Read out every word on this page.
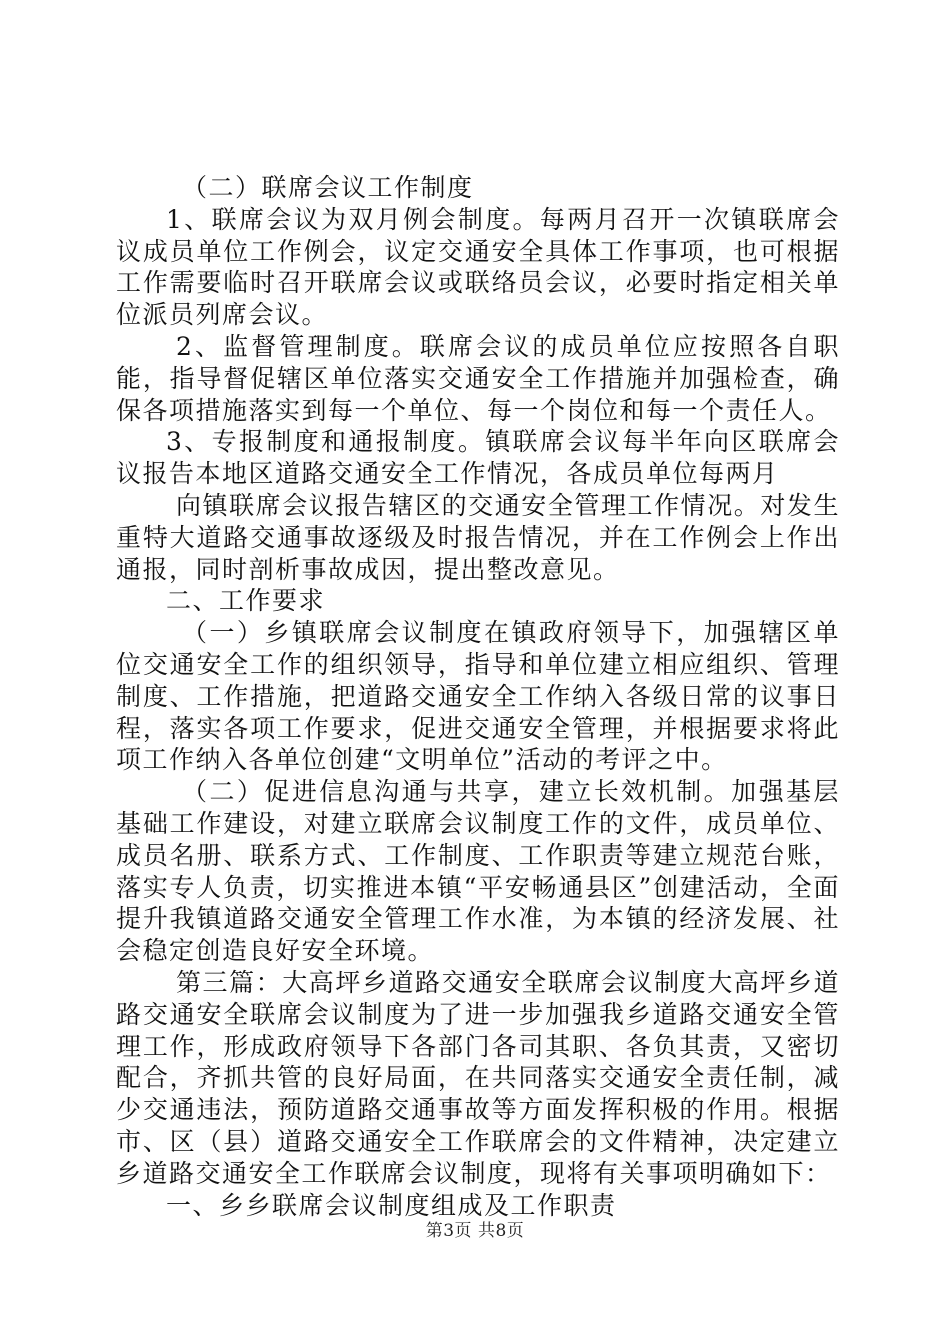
（二）联席会议工作制度

1、联席会议为双月例会制度。每两月召开一次镇联席会议成员单位工作例会，议定交通安全具体工作事项，也可根据工作需要临时召开联席会议或联络员会议，必要时指定相关单位派员列席会议。

2、监督管理制度。联席会议的成员单位应按照各自职能，指导督促辖区单位落实交通安全工作措施并加强检查，确保各项措施落实到每一个单位、每一个岗位和每一个责任人。

3、专报制度和通报制度。镇联席会议每半年向区联席会议报告本地区道路交通安全工作情况，各成员单位每两月

向镇联席会议报告辖区的交通安全管理工作情况。对发生重特大道路交通事故逐级及时报告情况，并在工作例会上作出通报，同时剖析事故成因，提出整改意见。

二、工作要求

（一）乡镇联席会议制度在镇政府领导下，加强辖区单位交通安全工作的组织领导，指导和单位建立相应组织、管理制度、工作措施，把道路交通安全工作纳入各级日常的议事日程，落实各项工作要求，促进交通安全管理，并根据要求将此项工作纳入各单位创建“文明单位”活动的考评之中。

（二）促进信息沟通与共享，建立长效机制。加强基层基础工作建设，对建立联席会议制度工作的文件，成员单位、成员名册、联系方式、工作制度、工作职责等建立规范台账，落实专人负责，切实推进本镇“平安畅通县区”创建活动，全面提升我镇道路交通安全管理工作水准，为本镇的经济发展、社会稳定创造良好安全环境。

第三篇：大高坪乡道路交通安全联席会议制度大高坪乡道路交通安全联席会议制度为了进一步加强我乡道路交通安全管理工作，形成政府领导下各部门各司其职、各负其责，又密切配合，齐抓共管的良好局面，在共同落实交通安全责任制，减少交通违法，预防道路交通事故等方面发挥积极的作用。根据市、区（县）道路交通安全工作联席会的文件精神，决定建立乡道路交通安全工作联席会议制度，现将有关事项明确如下：

一、乡乡联席会议制度组成及工作职责

第3页 共8页
